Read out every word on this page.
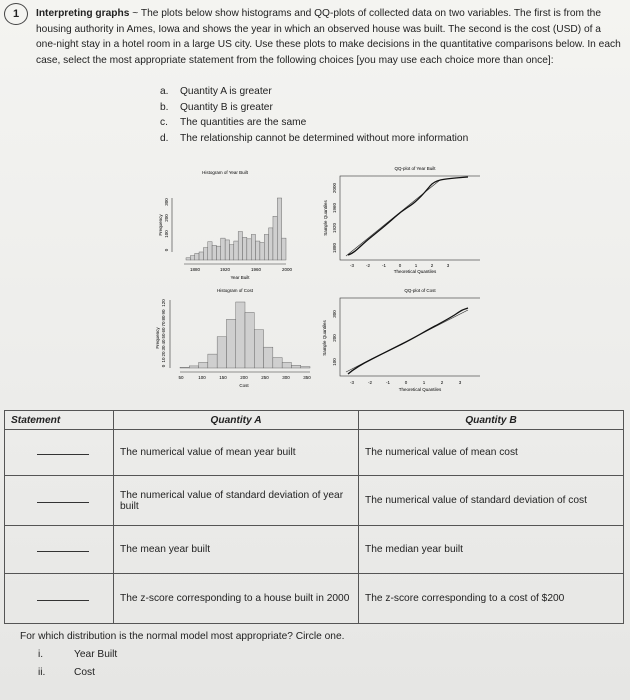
1	Interpreting graphs ~ The plots below show histograms and QQ-plots of collected data on two variables. The first is from the housing authority in Ames, Iowa and shows the year in which an observed house was built. The second is the cost (USD) of a one-night stay in a hotel room in a large US city. Use these plots to make decisions in the quantitative comparisons below. In each case, select the most appropriate statement from the following choices [you may use each choice more than once]:
a. Quantity A is greater
b. Quantity B is greater
c. The quantities are the same
d. The relationship cannot be determined without more information
Histogram of Year Built
Frequency
1880	1920	1960	2000
0
100
200
300
Year Built
QQ-plot of Year Built
Sample Quantiles
1880
1920
1960
2000
-3	-2	-1	0	1	2	3
Theoretical Quantiles
Histogram of Cost
Frequency
0
10
20
30
40
50
60
70
80
90
120
50	100	150	200	250	300	350
Cost
QQ-plot of Cost
Sample Quantiles
100
200
300
-3	-2	-1	0	1	2	3
Theoretical Quantiles
Statement	Quantity A	Quantity B
	The numerical value of mean year built	The numerical value of mean cost
	The numerical value of standard deviation of year built	The numerical value of standard deviation of cost
	The mean year built	The median year built
	The z-score corresponding to a house built in 2000	The z-score corresponding to a cost of $200
For which distribution is the normal model most appropriate? Circle one.
i.	Year Built
ii.	Cost
